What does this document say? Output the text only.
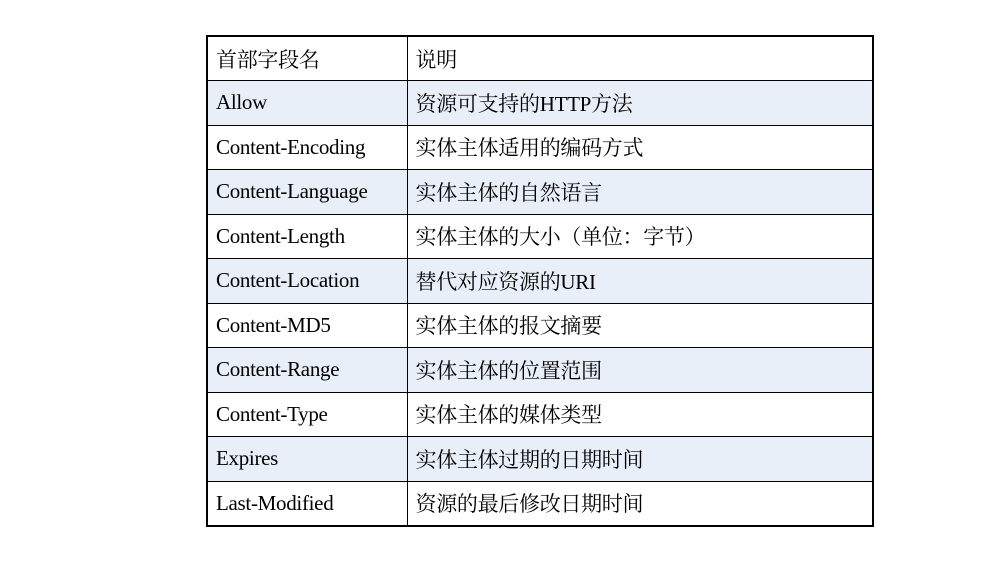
首部字段名	说明
Allow	资源可支持的HTTP方法
Content-Encoding	实体主体适用的编码方式
Content-Language	实体主体的自然语言
Content-Length	实体主体的大小（单位：字节）
Content-Location	替代对应资源的URI
Content-MD5	实体主体的报文摘要
Content-Range	实体主体的位置范围
Content-Type	实体主体的媒体类型
Expires	实体主体过期的日期时间
Last-Modified	资源的最后修改日期时间
